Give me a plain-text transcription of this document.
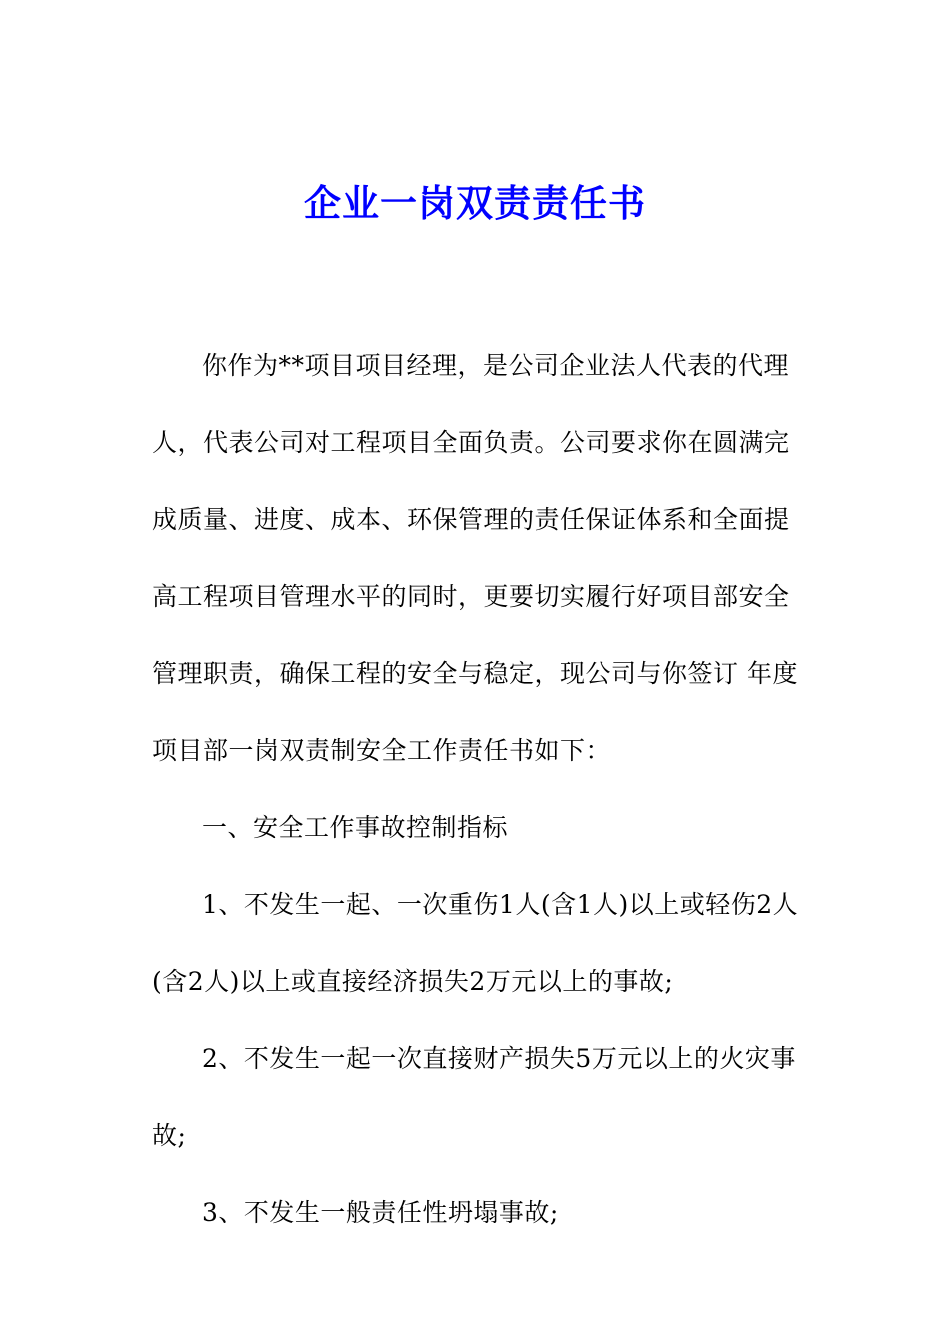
企业一岗双责责任书

你作为**项目项目经理，是公司企业法人代表的代理人，代表公司对工程项目全面负责。公司要求你在圆满完成质量、进度、成本、环保管理的责任保证体系和全面提高工程项目管理水平的同时，更要切实履行好项目部安全管理职责，确保工程的安全与稳定，现公司与你签订 年度项目部一岗双责制安全工作责任书如下：

一、安全工作事故控制指标

1、不发生一起、一次重伤1人(含1人)以上或轻伤2人(含2人)以上或直接经济损失2万元以上的事故;

2、不发生一起一次直接财产损失5万元以上的火灾事故;

3、不发生一般责任性坍塌事故;
